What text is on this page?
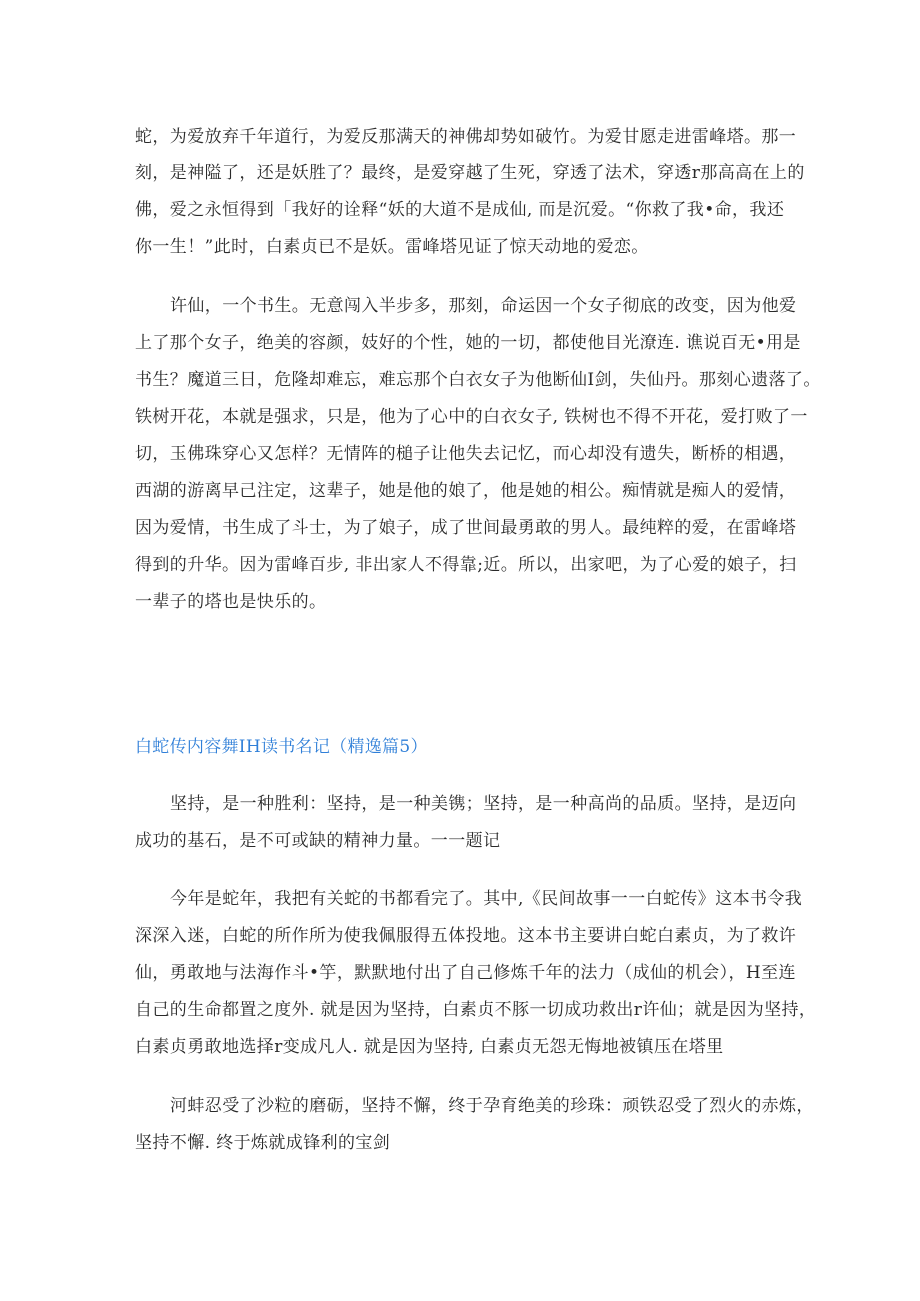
蛇，为爱放弃千年道行，为爱反那满天的神佛却势如破竹。为爱甘愿走进雷峰塔。那一
刻，是神隘了，还是妖胜了？最终，是爱穿越了生死，穿透了法术，穿透r那高高在上的
佛，爱之永恒得到「我好的诠释“妖的大道不是成仙, 而是沉爱。“你救了我•命，我还
你一生！”此时，白素贞已不是妖。雷峰塔见证了惊天动地的爱恋。
许仙，一个书生。无意闯入半步多，那刻，命运因一个女子彻底的改变，因为他爱
上了那个女子，绝美的容颜，妓好的个性，她的一切，都使他目光潦连. 谯说百无•用是
书生？魔道三日，危隆却难忘，难忘那个白衣女子为他断仙I剑，失仙丹。那刻心遗落了。
铁树开花，本就是强求，只是，他为了心中的白衣女子, 铁树也不得不开花，爱打败了一
切，玉佛珠穿心又怎样？无情阵的槌子让他失去记忆，而心却没有遗失，断桥的相遇，
西湖的游离早己注定，这辈子，她是他的娘了，他是她的相公。痴情就是痴人的爱情，
因为爱情，书生成了斗士，为了娘子，成了世间最勇敢的男人。最纯粹的爱，在雷峰塔
得到的升华。因为雷峰百步, 非出家人不得靠;近。所以，出家吧，为了心爱的娘子，扫
一辈子的塔也是快乐的。
白蛇传内容舞IH读书名记（精逸篇5）
坚持，是一种胜利：坚持，是一种美镌；坚持，是一种高尚的品质。坚持，是迈向
成功的基石，是不可或缺的精神力量。一一题记
今年是蛇年，我把有关蛇的书都看完了。其中,《民间故事一一白蛇传》这本书令我
深深入迷，白蛇的所作所为使我佩服得五体投地。这本书主要讲白蛇白素贞，为了救许
仙，勇敢地与法海作斗•竽，默默地付出了自己修炼千年的法力（成仙的机会），H至连
自己的生命都置之度外. 就是因为坚持，白素贞不豚一切成功救出r许仙；就是因为坚持，
白素贞勇敢地选择r变成凡人. 就是因为坚持, 白素贞无怨无悔地被镇压在塔里
河蚌忍受了沙粒的磨砺，坚持不懈，终于孕育绝美的珍珠：顽铁忍受了烈火的赤炼，
坚持不懈. 终于炼就成锋利的宝剑
